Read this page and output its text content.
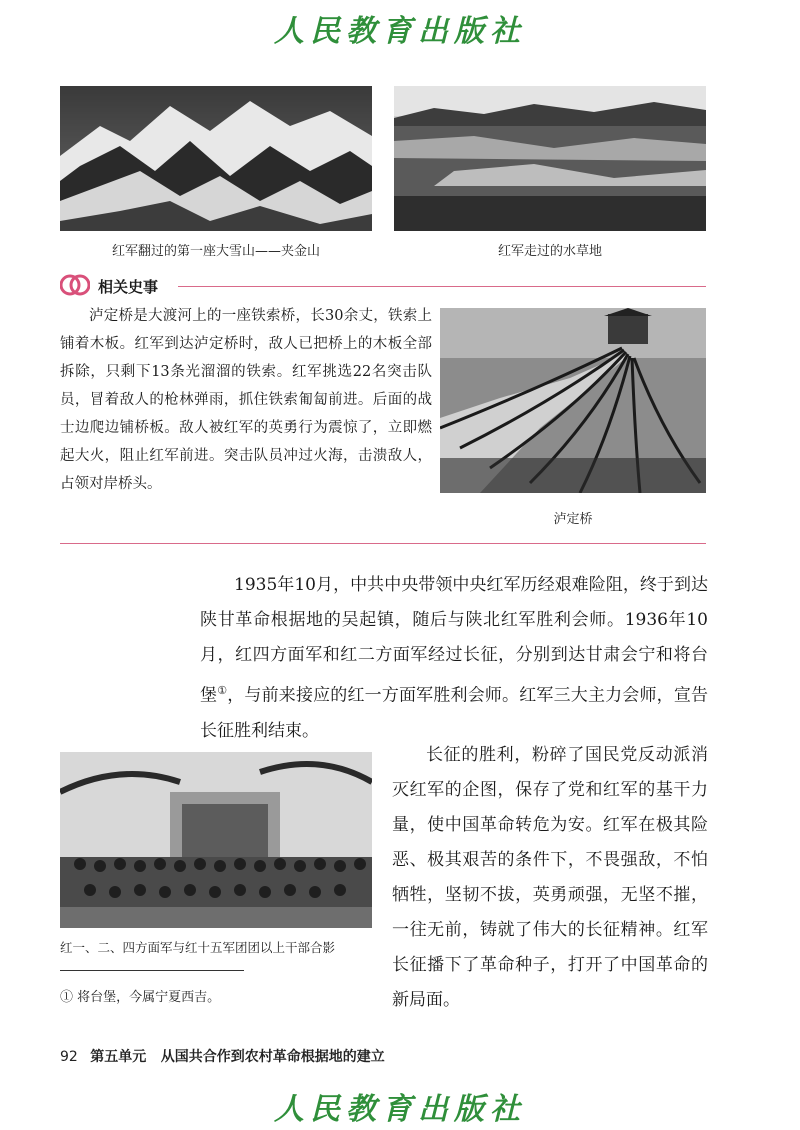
人民教育出版社
红军翻过的第一座大雪山——夹金山	红军走过的水草地
相关史事
泸定桥是大渡河上的一座铁索桥，长30余丈，铁索上铺着木板。红军到达泸定桥时，敌人已把桥上的木板全部拆除，只剩下13条光溜溜的铁索。红军挑选22名突击队员，冒着敌人的枪林弹雨，抓住铁索匍匐前进。后面的战士边爬边铺桥板。敌人被红军的英勇行为震惊了，立即燃起大火，阻止红军前进。突击队员冲过火海，击溃敌人，占领对岸桥头。
泸定桥
1935年10月，中共中央带领中央红军历经艰难险阻，终于到达陕甘革命根据地的吴起镇，随后与陕北红军胜利会师。1936年10月，红四方面军和红二方面军经过长征，分别到达甘肃会宁和将台堡①，与前来接应的红一方面军胜利会师。红军三大主力会师，宣告长征胜利结束。
红一、二、四方面军与红十五军团团以上干部合影
长征的胜利，粉碎了国民党反动派消灭红军的企图，保存了党和红军的基干力量，使中国革命转危为安。红军在极其险恶、极其艰苦的条件下，不畏强敌，不怕牺牲，坚韧不拔，英勇顽强，无坚不摧，一往无前，铸就了伟大的长征精神。红军长征播下了革命种子，打开了中国革命的新局面。
① 将台堡，今属宁夏西吉。
92 第五单元 从国共合作到农村革命根据地的建立
人民教育出版社
